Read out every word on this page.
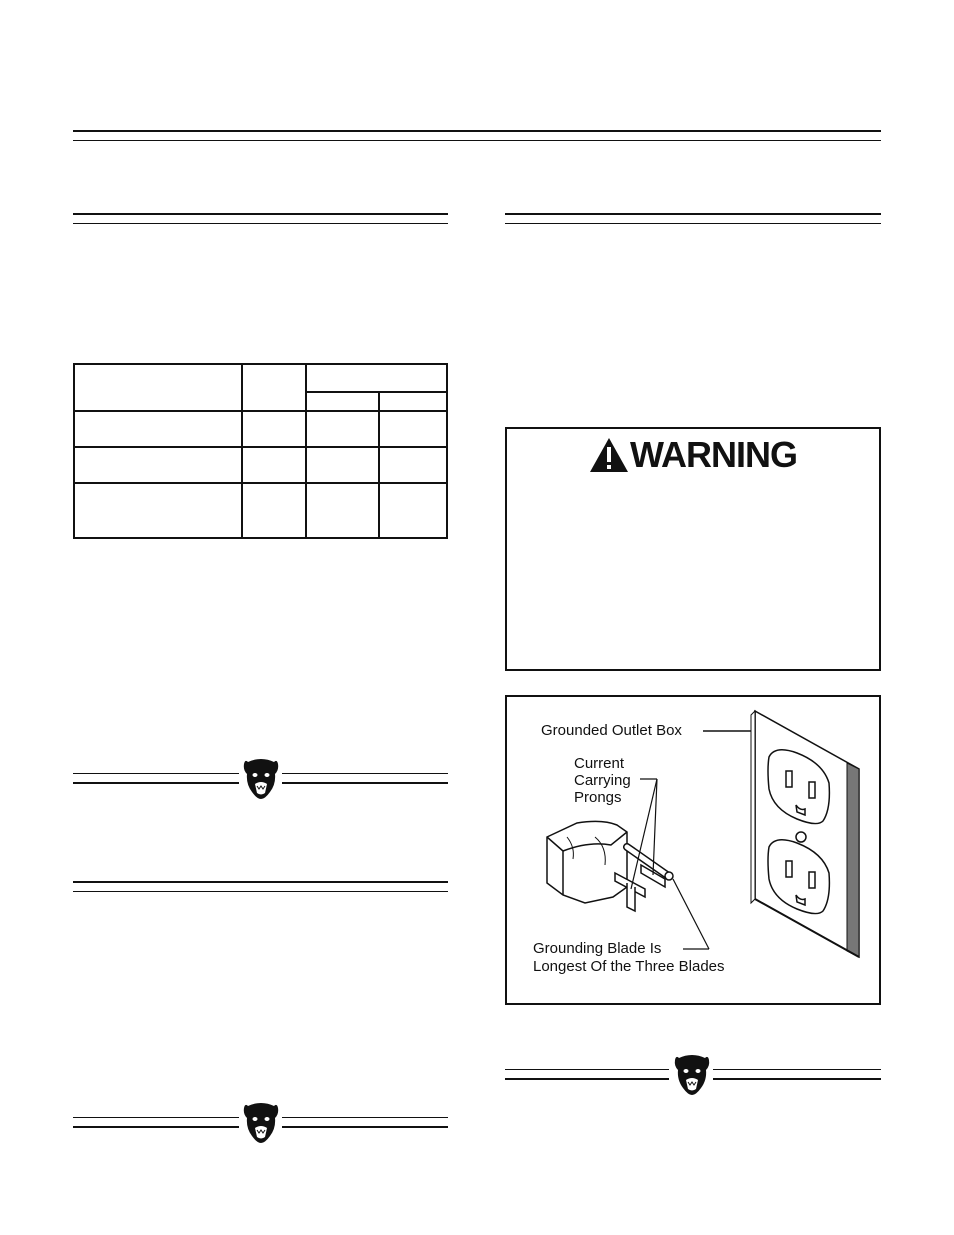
WARNING
Grounded Outlet Box
Current
Carrying
Prongs
Grounding Blade Is
Longest Of the Three Blades
